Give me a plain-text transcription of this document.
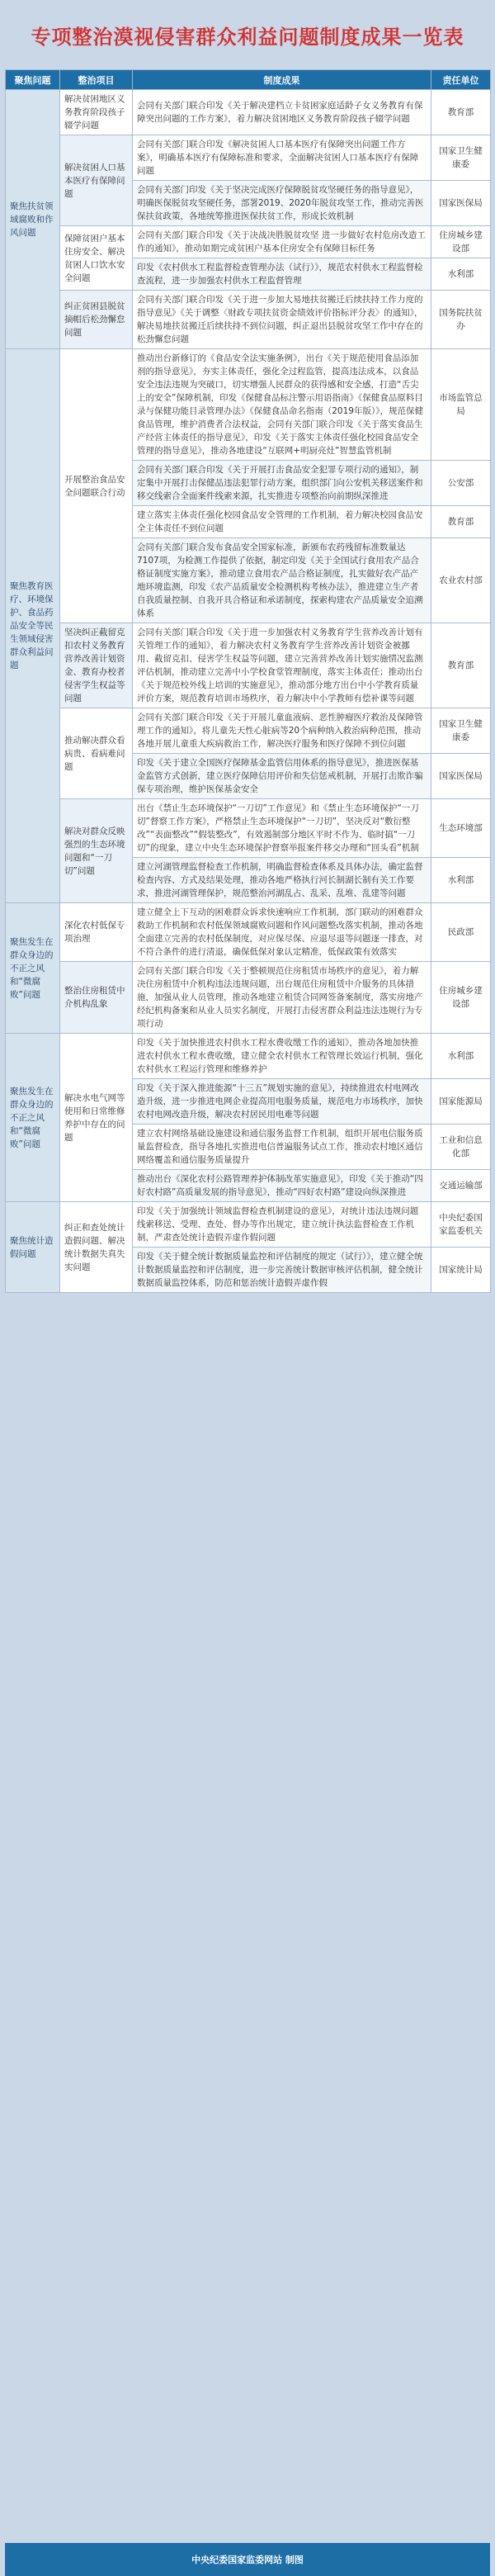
专项整治漠视侵害群众利益问题制度成果一览表
聚焦问题	整治项目	制度成果	责任单位
聚焦扶贫领域腐败和作风问题	解决贫困地区义务教育阶段孩子辍学问题	会同有关部门联合印发《关于解决建档立卡贫困家庭适龄子女义务教育有保障突出问题的工作方案》，着力解决贫困地区义务教育阶段孩子辍学问题	教育部
	解决贫困人口基本医疗有保障问题	会同有关部门联合印发《解决贫困人口基本医疗有保障突出问题工作方案》，明确基本医疗有保障标准和要求，全面解决贫困人口基本医疗有保障问题	国家卫生健康委
		会同有关部门印发《关于坚决完成医疗保障脱贫攻坚硬任务的指导意见》，明确医保脱贫攻坚硬任务，部署2019、2020年脱贫攻坚工作，推动完善医保扶贫政策，各地统筹推进医保扶贫工作，形成长效机制	国家医保局
	保障贫困户基本住房安全、解决贫困人口饮水安全问题	会同有关部门联合印发《关于决战决胜脱贫攻坚 进一步做好农村危房改造工作的通知》，推动如期完成贫困户基本住房安全有保障目标任务	住房城乡建设部
		印发《农村供水工程监督检查管理办法（试行）》，规范农村供水工程监督检查流程，进一步加强农村供水工程监督管理	水利部
	纠正贫困县脱贫摘帽后松劲懈怠问题	会同有关部门联合印发《关于进一步加大易地扶贫搬迁后续扶持工作力度的指导意见》《关于调整〈财政专项扶贫资金绩效评价指标评分表〉的通知》，解决易地扶贫搬迁后续扶持不到位问题，纠正退出县脱贫攻坚工作中存在的松劲懈怠问题	国务院扶贫办
聚焦教育医疗、环境保护、食品药品安全等民生领域侵害群众利益问题	开展整治食品安全问题联合行动	推动出台新修订的《食品安全法实施条例》，出台《关于规范使用食品添加剂的指导意见》，夯实主体责任，强化全过程监管，提高违法成本，以食品安全违法违规为突破口，切实增强人民群众的获得感和安全感，打造“舌尖上的安全”保障机制，印发《保健食品标注警示用语指南》《保健食品原料目录与保健功能目录管理办法》《保健食品命名指南（2019年版）》，规范保健食品管理，维护消费者合法权益，会同有关部门联合印发《关于落实食品生产经营主体责任的指导意见》，印发《关于落实主体责任强化校园食品安全管理的指导意见》，推动各地建设“互联网+明厨亮灶”智慧监管机制	市场监管总局
		会同有关部门联合印发《关于开展打击食品安全犯罪专项行动的通知》，制定集中开展打击保健品违法犯罪行动方案，组织部门向公安机关移送案件和移交线索合全面案件线索来源，扎实推进专项整治向前期纵深推进	公安部
		建立落实主体责任强化校园食品安全管理的工作机制，着力解决校园食品安全主体责任不到位问题	教育部
		会同有关部门联合发布食品安全国家标准，新颁布农药残留标准数量达7107项，为检测工作提供了依据，制定印发《关于全国试行食用农产品合格证制度实施方案》，推动建立食用农产品合格证制度，扎实做好农产品产地环境监测，印发《农产品质量安全检测机构考核办法》，推进建立生产者自我质量控制、自我开具合格证和承诺制度，探索构建农产品质量安全追溯体系	农业农村部
	坚决纠正截留克扣农村义务教育营养改善计划资金、教育办校者侵害学生权益等问题	会同有关部门联合印发《关于进一步加强农村义务教育学生营养改善计划有关管理工作的通知》，着力解决农村义务教育学生营养改善计划资金被挪用、截留克扣、侵害学生权益等问题，建立完善营养改善计划实施情况监测评估机制，推动建立完善中小学校食堂管理制度，落实主体责任；推动出台《关于规范校外线上培训的实施意见》，推动部分地方出台中小学教育质量评价方案，规范教育培训市场秩序，着力解决中小学教师有偿补课等问题	教育部
	推动解决群众看病贵、看病难问题	会同有关部门联合印发《关于开展儿童血液病、恶性肿瘤医疗救治及保障管理工作的通知》，将儿童先天性心脏病等20个病种纳入救治病种范围，推动各地开展儿童重大疾病救治工作，解决医疗服务和医疗保障不到位问题	国家卫生健康委
		印发《关于建立全国医疗保障基金监管信用体系的指导意见》，推进医保基金监管方式创新，建立医疗保障信用评价和失信惩戒机制，开展打击欺诈骗保专项治理，维护医保基金安全	国家医保局
	解决对群众反映强烈的生态环境问题和“一刀切”问题	出台《禁止生态环境保护“一刀切”工作意见》和《禁止生态环境保护“一刀切”督察工作方案》，严格禁止生态环境保护“一刀切”，坚决反对“敷衍整改”“表面整改”“假装整改”，有效遏制部分地区平时不作为、临时搞“一刀切”的现象，建立中央生态环境保护督察举报案件移交办理和“回头看”机制	生态环境部
		建立河湖管理监督检查工作机制，明确监督检查体系及具体办法，确定监督检查内容、方式及结果处理，推动各地严格执行河长制湖长制有关工作要求，推进河湖管理保护，规范整治河湖乱占、乱采、乱堆、乱建等问题	水利部
聚焦发生在群众身边的不正之风和“微腐败”问题	深化农村低保专项治理	建立健全上下互动的困难群众诉求快速响应工作机制，部门联动的困难群众救助工作机制和农村低保领域腐败问题和作风问题整改落实机制，推动各地全面建立完善的农村低保制度，对应保尽保、应退尽退等问题逐一排查，对不符合条件的进行清退，确保低保对象认定精准，低保政策有效落实	民政部
	整治住房租赁中介机构乱象	会同有关部门联合印发《关于整顿规范住房租赁市场秩序的意见》，着力解决住房租赁中介机构违法违规问题，出台规范住房租赁中介服务的具体措施，加强从业人员管理，推动各地建立租赁合同网签备案制度，落实房地产经纪机构备案和从业人员实名制度，开展打击侵害群众利益违法违规行为专项行动	住房城乡建设部
聚焦发生在群众身边的不正之风和“微腐败”问题	解决水电气网等使用和日常维修养护中存在的问题	印发《关于加快推进农村供水工程水费收缴工作的通知》，推动各地加快推进农村供水工程水费收缴，建立健全农村供水工程管理长效运行机制，强化农村供水工程运行管理和维修养护	水利部
		印发《关于深入推进能源“十三五”规划实施的意见》，持续推进农村电网改造升级，进一步推进电网企业提高用电服务质量，规范电力市场秩序，加快农村电网改造升级，解决农村居民用电难等问题	国家能源局
		建立农村网络基础设施建设和通信服务监督工作机制，组织开展电信服务质量监督检查，指导各地扎实推进电信普遍服务试点工作，推动农村地区通信网络覆盖和通信服务质量提升	工业和信息化部
		推动出台《深化农村公路管理养护体制改革实施意见》，印发《关于推动“四好农村路”高质量发展的指导意见》，推动“四好农村路”建设向纵深推进	交通运输部
聚焦统计造假问题	纠正和查处统计造假问题、解决统计数据失真失实问题	印发《关于加强统计领域监督检查机制建设的意见》，对统计违法违规问题线索移送、受理、查处、督办等作出规定，建立统计执法监督检查工作机制，严肃查处统计造假弄虚作假问题	中央纪委国家监委机关
		印发《关于健全统计数据质量监控和评估制度的规定（试行）》，建立健全统计数据质量监控和评估制度，进一步完善统计数据审核评估机制，健全统计数据质量监控体系，防范和惩治统计造假弄虚作假	国家统计局
中央纪委国家监委网站 制图
